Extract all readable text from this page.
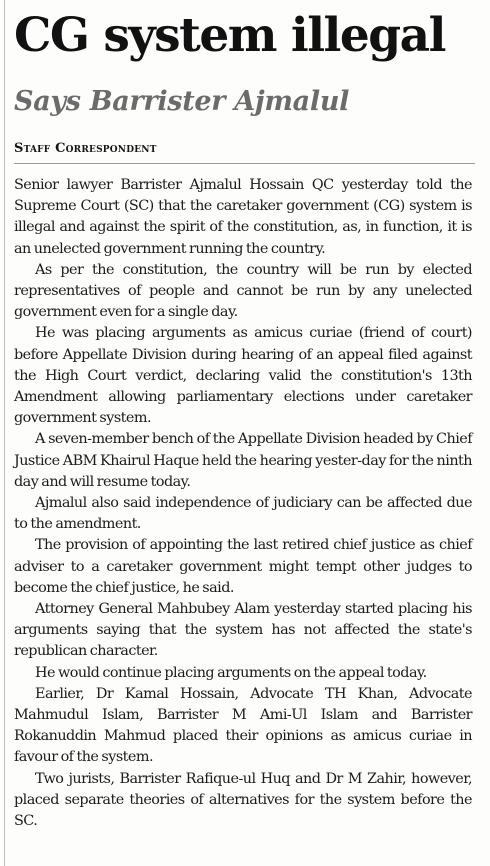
CG system illegal
Says Barrister Ajmalul
Staff Correspondent

Senior lawyer Barrister Ajmalul Hossain QC yesterday told the Supreme Court (SC) that the caretaker government (CG) system is illegal and against the spirit of the constitution, as, in function, it is an unelected government running the country.

As per the constitution, the country will be run by elected representatives of people and cannot be run by any unelected government even for a single day.

He was placing arguments as amicus curiae (friend of court) before Appellate Division during hearing of an appeal filed against the High Court verdict, declaring valid the constitution's 13th Amendment allowing parliamentary elections under caretaker government system.

A seven-member bench of the Appellate Division headed by Chief Justice ABM Khairul Haque held the hearing yester-day for the ninth day and will resume today.

Ajmalul also said independence of judiciary can be affected due to the amendment.

The provision of appointing the last retired chief justice as chief adviser to a caretaker government might tempt other judges to become the chief justice, he said.

Attorney General Mahbubey Alam yesterday started placing his arguments saying that the system has not affected the state's republican character.

He would continue placing arguments on the appeal today.

Earlier, Dr Kamal Hossain, Advocate TH Khan, Advocate Mahmudul Islam, Barrister M Ami-Ul Islam and Barrister Rokanuddin Mahmud placed their opinions as amicus curiae in favour of the system.

Two jurists, Barrister Rafique-ul Huq and Dr M Zahir, however, placed separate theories of alternatives for the system before the SC.
